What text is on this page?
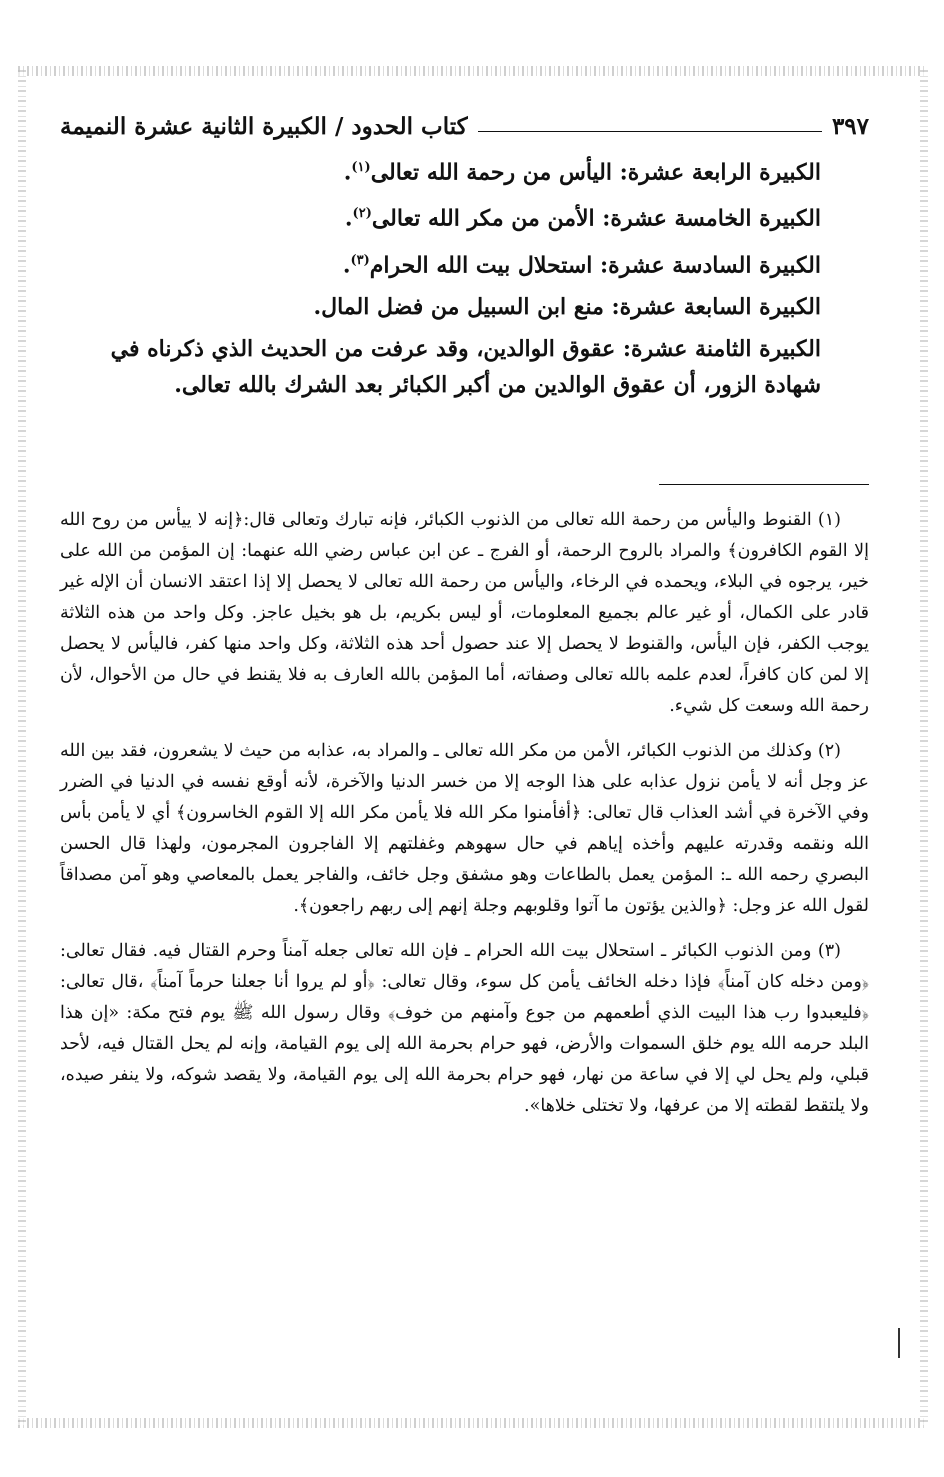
كتاب الحدود / الكبيرة الثانية عشرة النميمة	٣٩٧

الكبيرة الرابعة عشرة: اليأس من رحمة الله تعالى$^{(١)}$.

الكبيرة الخامسة عشرة: الأمن من مكر الله تعالى$^{(٢)}$.

الكبيرة السادسة عشرة: استحلال بيت الله الحرام$^{(٣)}$.

الكبيرة السابعة عشرة: منع ابن السبيل من فضل المال.

الكبيرة الثامنة عشرة: عقوق الوالدين، وقد عرفت من الحديث الذي ذكرناه في شهادة الزور، أن عقوق الوالدين من أكبر الكبائر بعد الشرك بالله تعالى.

(١) القنوط واليأس من رحمة الله تعالى من الذنوب الكبائر، فإنه تبارك وتعالى قال:﴿إنه لا ييأس من روح الله إلا القوم الكافرون﴾ والمراد بالروح الرحمة، أو الفرج ـ عن ابن عباس رضي الله عنهما: إن المؤمن من الله على خير، يرجوه في البلاء، ويحمده في الرخاء، واليأس من رحمة الله تعالى لا يحصل إلا إذا اعتقد الانسان أن الإله غير قادر على الكمال، أو غير عالم بجميع المعلومات، أو ليس بكريم، بل هو بخيل عاجز. وكل واحد من هذه الثلاثة يوجب الكفر، فإن اليأس، والقنوط لا يحصل إلا عند حصول أحد هذه الثلاثة، وكل واحد منها كفر، فاليأس لا يحصل إلا لمن كان كافراً، لعدم علمه بالله تعالى وصفاته، أما المؤمن بالله العارف به فلا يقنط في حال من الأحوال، لأن رحمة الله وسعت كل شيء.

(٢) وكذلك من الذنوب الكبائر، الأمن من مكر الله تعالى ـ والمراد به، عذابه من حيث لا يشعرون، فقد بين الله عز وجل أنه لا يأمن نزول عذابه على هذا الوجه إلا من خسر الدنيا والآخرة، لأنه أوقع نفسه في الدنيا في الضرر وفي الآخرة في أشد العذاب قال تعالى: ﴿أفأمنوا مكر الله فلا يأمن مكر الله إلا القوم الخاسرون﴾ أي لا يأمن بأس الله ونقمه وقدرته عليهم وأخذه إياهم في حال سهوهم وغفلتهم إلا الفاجرون المجرمون، ولهذا قال الحسن البصري رحمه الله ـ: المؤمن يعمل بالطاعات وهو مشفق وجل خائف، والفاجر يعمل بالمعاصي وهو آمن مصداقاً لقول الله عز وجل: ﴿والذين يؤتون ما آتوا وقلوبهم وجلة إنهم إلى ربهم راجعون﴾.

(٣) ومن الذنوب الكبائر ـ استحلال بيت الله الحرام ـ فإن الله تعالى جعله آمناً وحرم القتال فيه. فقال تعالى: ﴿ومن دخله كان آمناً﴾ فإذا دخله الخائف يأمن كل سوء، وقال تعالى: ﴿أو لم يروا أنا جعلنا حرماً آمناً﴾ ،قال تعالى: ﴿فليعبدوا رب هذا البيت الذي أطعمهم من جوع وآمنهم من خوف﴾ وقال رسول الله ﷺ يوم فتح مكة: «إن هذا البلد حرمه الله يوم خلق السموات والأرض، فهو حرام بحرمة الله إلى يوم القيامة، وإنه لم يحل القتال فيه، لأحد قبلي، ولم يحل لي إلا في ساعة من نهار، فهو حرام بحرمة الله إلى يوم القيامة، ولا يقصد شوكه، ولا ينفر صيده، ولا يلتقط لقطته إلا من عرفها، ولا تختلى خلاها».
